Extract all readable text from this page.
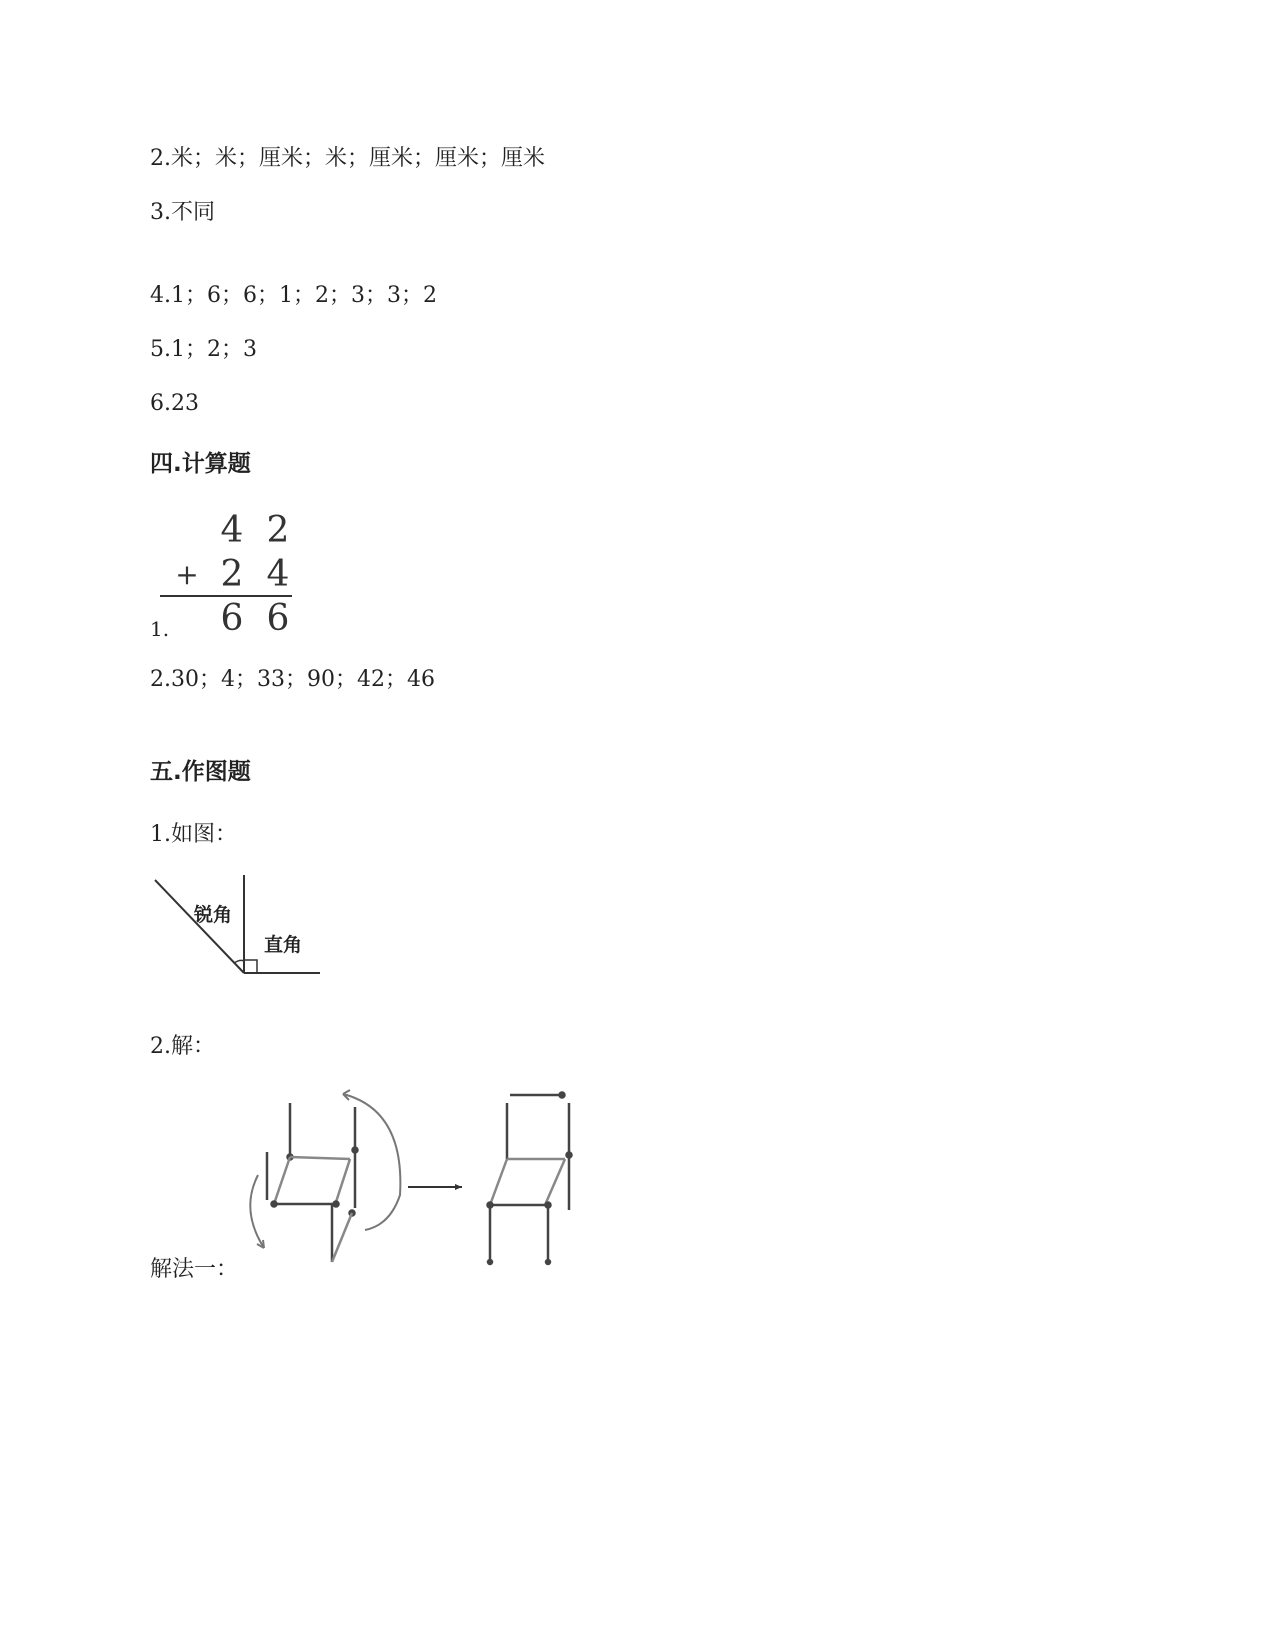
2.米；米；厘米；米；厘米；厘米；厘米
3.不同
4.1；6；6；1；2；3；3；2
5.1；2；3
6.23
四.计算题
4 2
+ 2 4
6 6
1.
2.30；4；33；90；42；46
五.作图题
1.如图：
锐角
直角
2.解：
解法一：
